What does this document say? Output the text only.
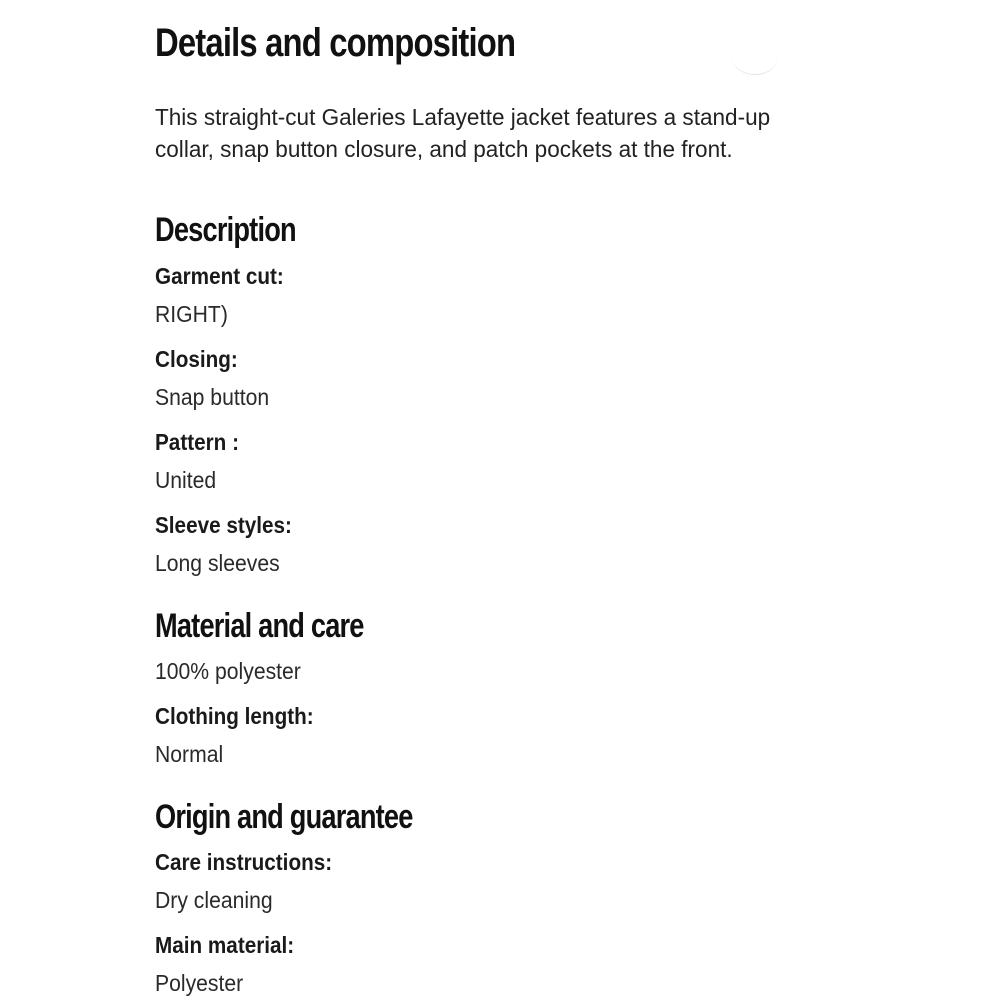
Details and composition

This straight-cut Galeries Lafayette jacket features a stand-up collar, snap button closure, and patch pockets at the front.

Description
Garment cut:
RIGHT)
Closing:
Snap button
Pattern :
United
Sleeve styles:
Long sleeves
Material and care
100% polyester
Clothing length:
Normal
Origin and guarantee
Care instructions:
Dry cleaning
Main material:
Polyester
